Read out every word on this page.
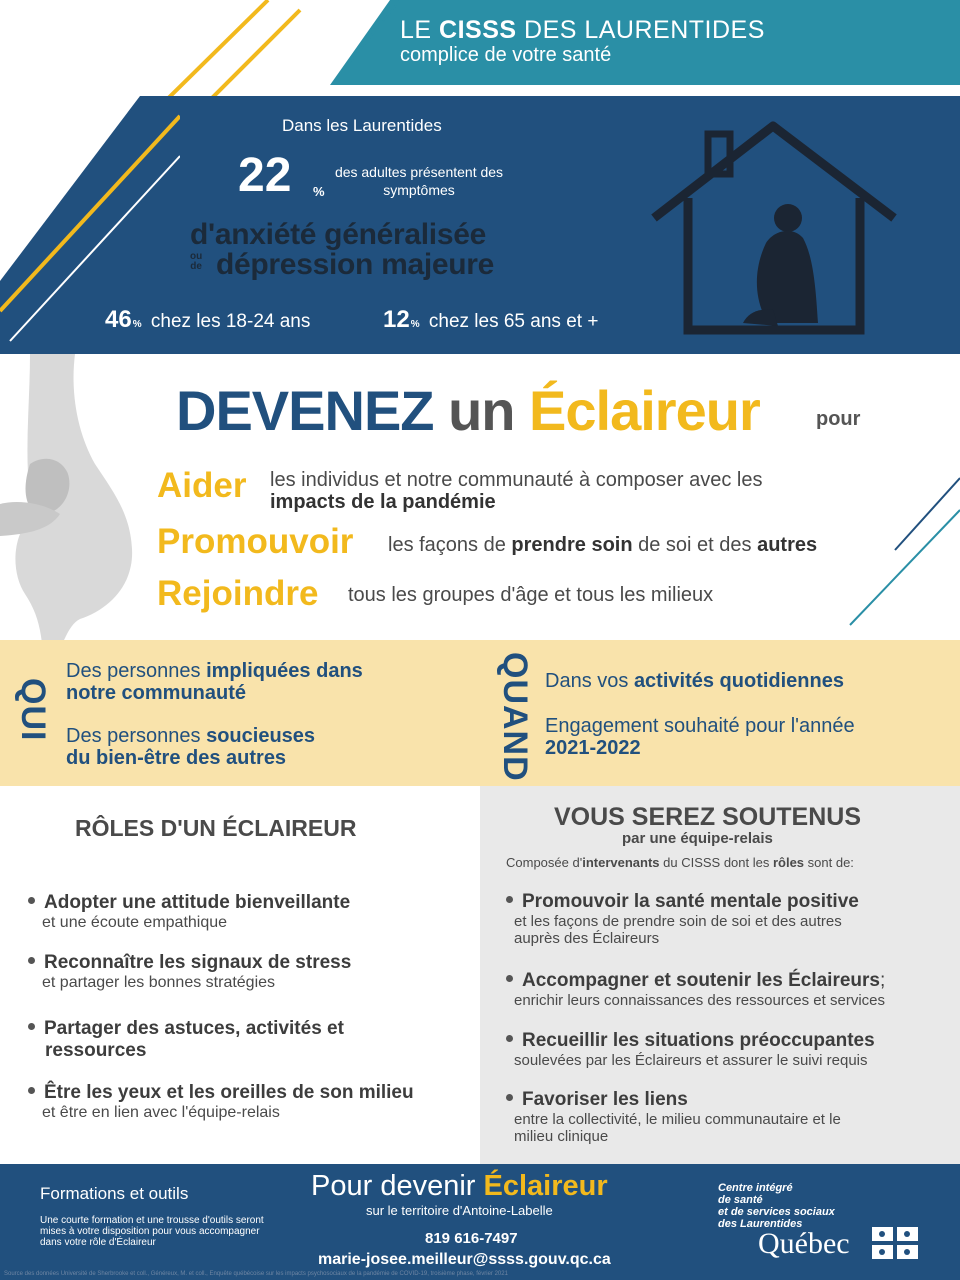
LE CISSS DES LAURENTIDES
complice de votre santé
Dans les Laurentides
22 %
des adultes présentent des symptômes
d'anxiété généralisée
ou
de dépression majeure
46% chez les 18-24 ans	12% chez les 65 ans et +
DEVENEZ un Éclaireur	pour
Aider les individus et notre communauté à composer avec les
impacts de la pandémie
Promouvoir les façons de prendre soin de soi et des autres
Rejoindre tous les groupes d'âge et tous les milieux
QUI
Des personnes impliquées dans
notre communauté
Des personnes soucieuses
du bien-être des autres	QUAND Dans vos activités quotidiennes
Engagement souhaité pour l'année
2021-2022
RÔLES D'UN ÉCLAIREUR
Adopter une attitude bienveillante
et une écoute empathique
Reconnaître les signaux de stress
et partager les bonnes stratégies
Partager des astuces, activités et
ressources
Être les yeux et les oreilles de son milieu
et être en lien avec l'équipe-relais
VOUS SEREZ SOUTENUS
par une équipe-relais
Composée d'intervenants du CISSS dont les rôles sont de:
Promouvoir la santé mentale positive
et les façons de prendre soin de soi et des autres
auprès des Éclaireurs
Accompagner et soutenir les Éclaireurs;
enrichir leurs connaissances des ressources et services
Recueillir les situations préoccupantes
soulevées par les Éclaireurs et assurer le suivi requis
Favoriser les liens
entre la collectivité, le milieu communautaire et le
milieu clinique
Formations et outils
Une courte formation et une trousse d'outils seront mises à votre disposition pour vous accompagner dans votre rôle d'Éclaireur
Pour devenir Éclaireur
sur le territoire d'Antoine-Labelle
819 616-7497
marie-josee.meilleur@ssss.gouv.qc.ca
Centre intégré
de santé
et de services sociaux
des Laurentides
Québec
Source des données Université de Sherbrooke et coll., Généreux, M. et coll., Enquête québécoise sur les impacts psychosociaux de la pandémie de COVID-19, troisième phase, février 2021
